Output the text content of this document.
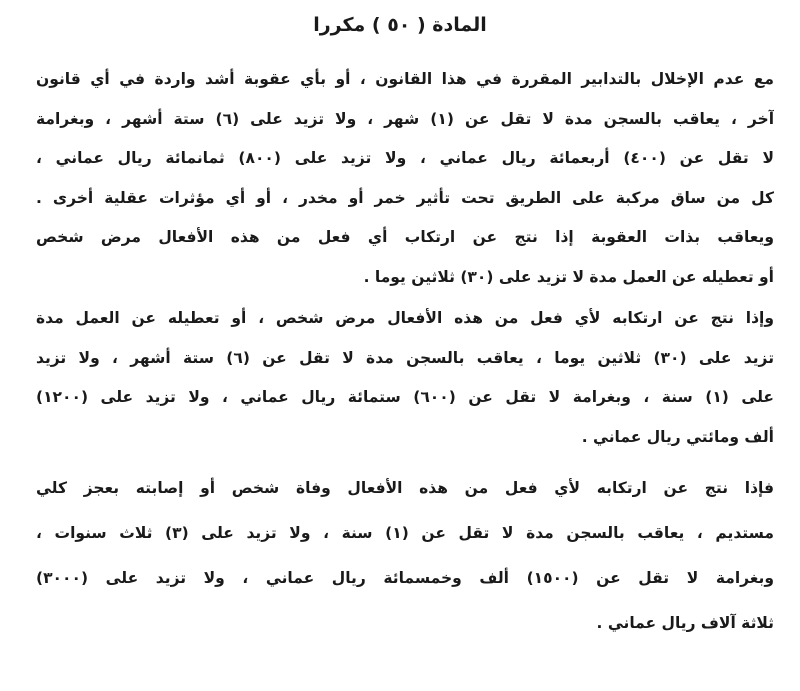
المادة ( ٥٠ ) مكررا
مع عدم الإخلال بالتدابير المقررة في هذا القانون ، أو بأي عقوبة أشد واردة في أي قانون
آخر ، يعاقب بالسجن مدة لا تقل عن (١) شهر ، ولا تزيد على (٦) ستة أشهر ، وبغرامة
لا تقل عن (٤٠٠) أربعمائة ريال عماني ، ولا تزيد على (٨٠٠) ثمانمائة ريال عماني ،
كل من ساق مركبة على الطريق تحت تأثير خمر أو مخدر ، أو أي مؤثرات عقلية أخرى .
ويعاقب بذات العقوبة إذا نتج عن ارتكاب أي فعل من هذه الأفعال مرض شخص
أو تعطيله عن العمل مدة لا تزيد على (٣٠) ثلاثين يوما .
وإذا نتج عن ارتكابه لأي فعل من هذه الأفعال مرض شخص ، أو تعطيله عن العمل مدة
تزيد على (٣٠) ثلاثين يوما ، يعاقب بالسجن مدة لا تقل عن (٦) ستة أشهر ، ولا تزيد
على (١) سنة ، وبغرامة لا تقل عن (٦٠٠) ستمائة ريال عماني ، ولا تزيد على (١٢٠٠)
ألف ومائتي ريال عماني .
فإذا نتج عن ارتكابه لأي فعل من هذه الأفعال وفاة شخص أو إصابته بعجز كلي
مستديم ، يعاقب بالسجن مدة لا تقل عن (١) سنة ، ولا تزيد على (٣) ثلاث سنوات ،
وبغرامة لا تقل عن (١٥٠٠) ألف وخمسمائة ريال عماني ، ولا تزيد على (٣٠٠٠)
ثلاثة آلاف ريال عماني .
